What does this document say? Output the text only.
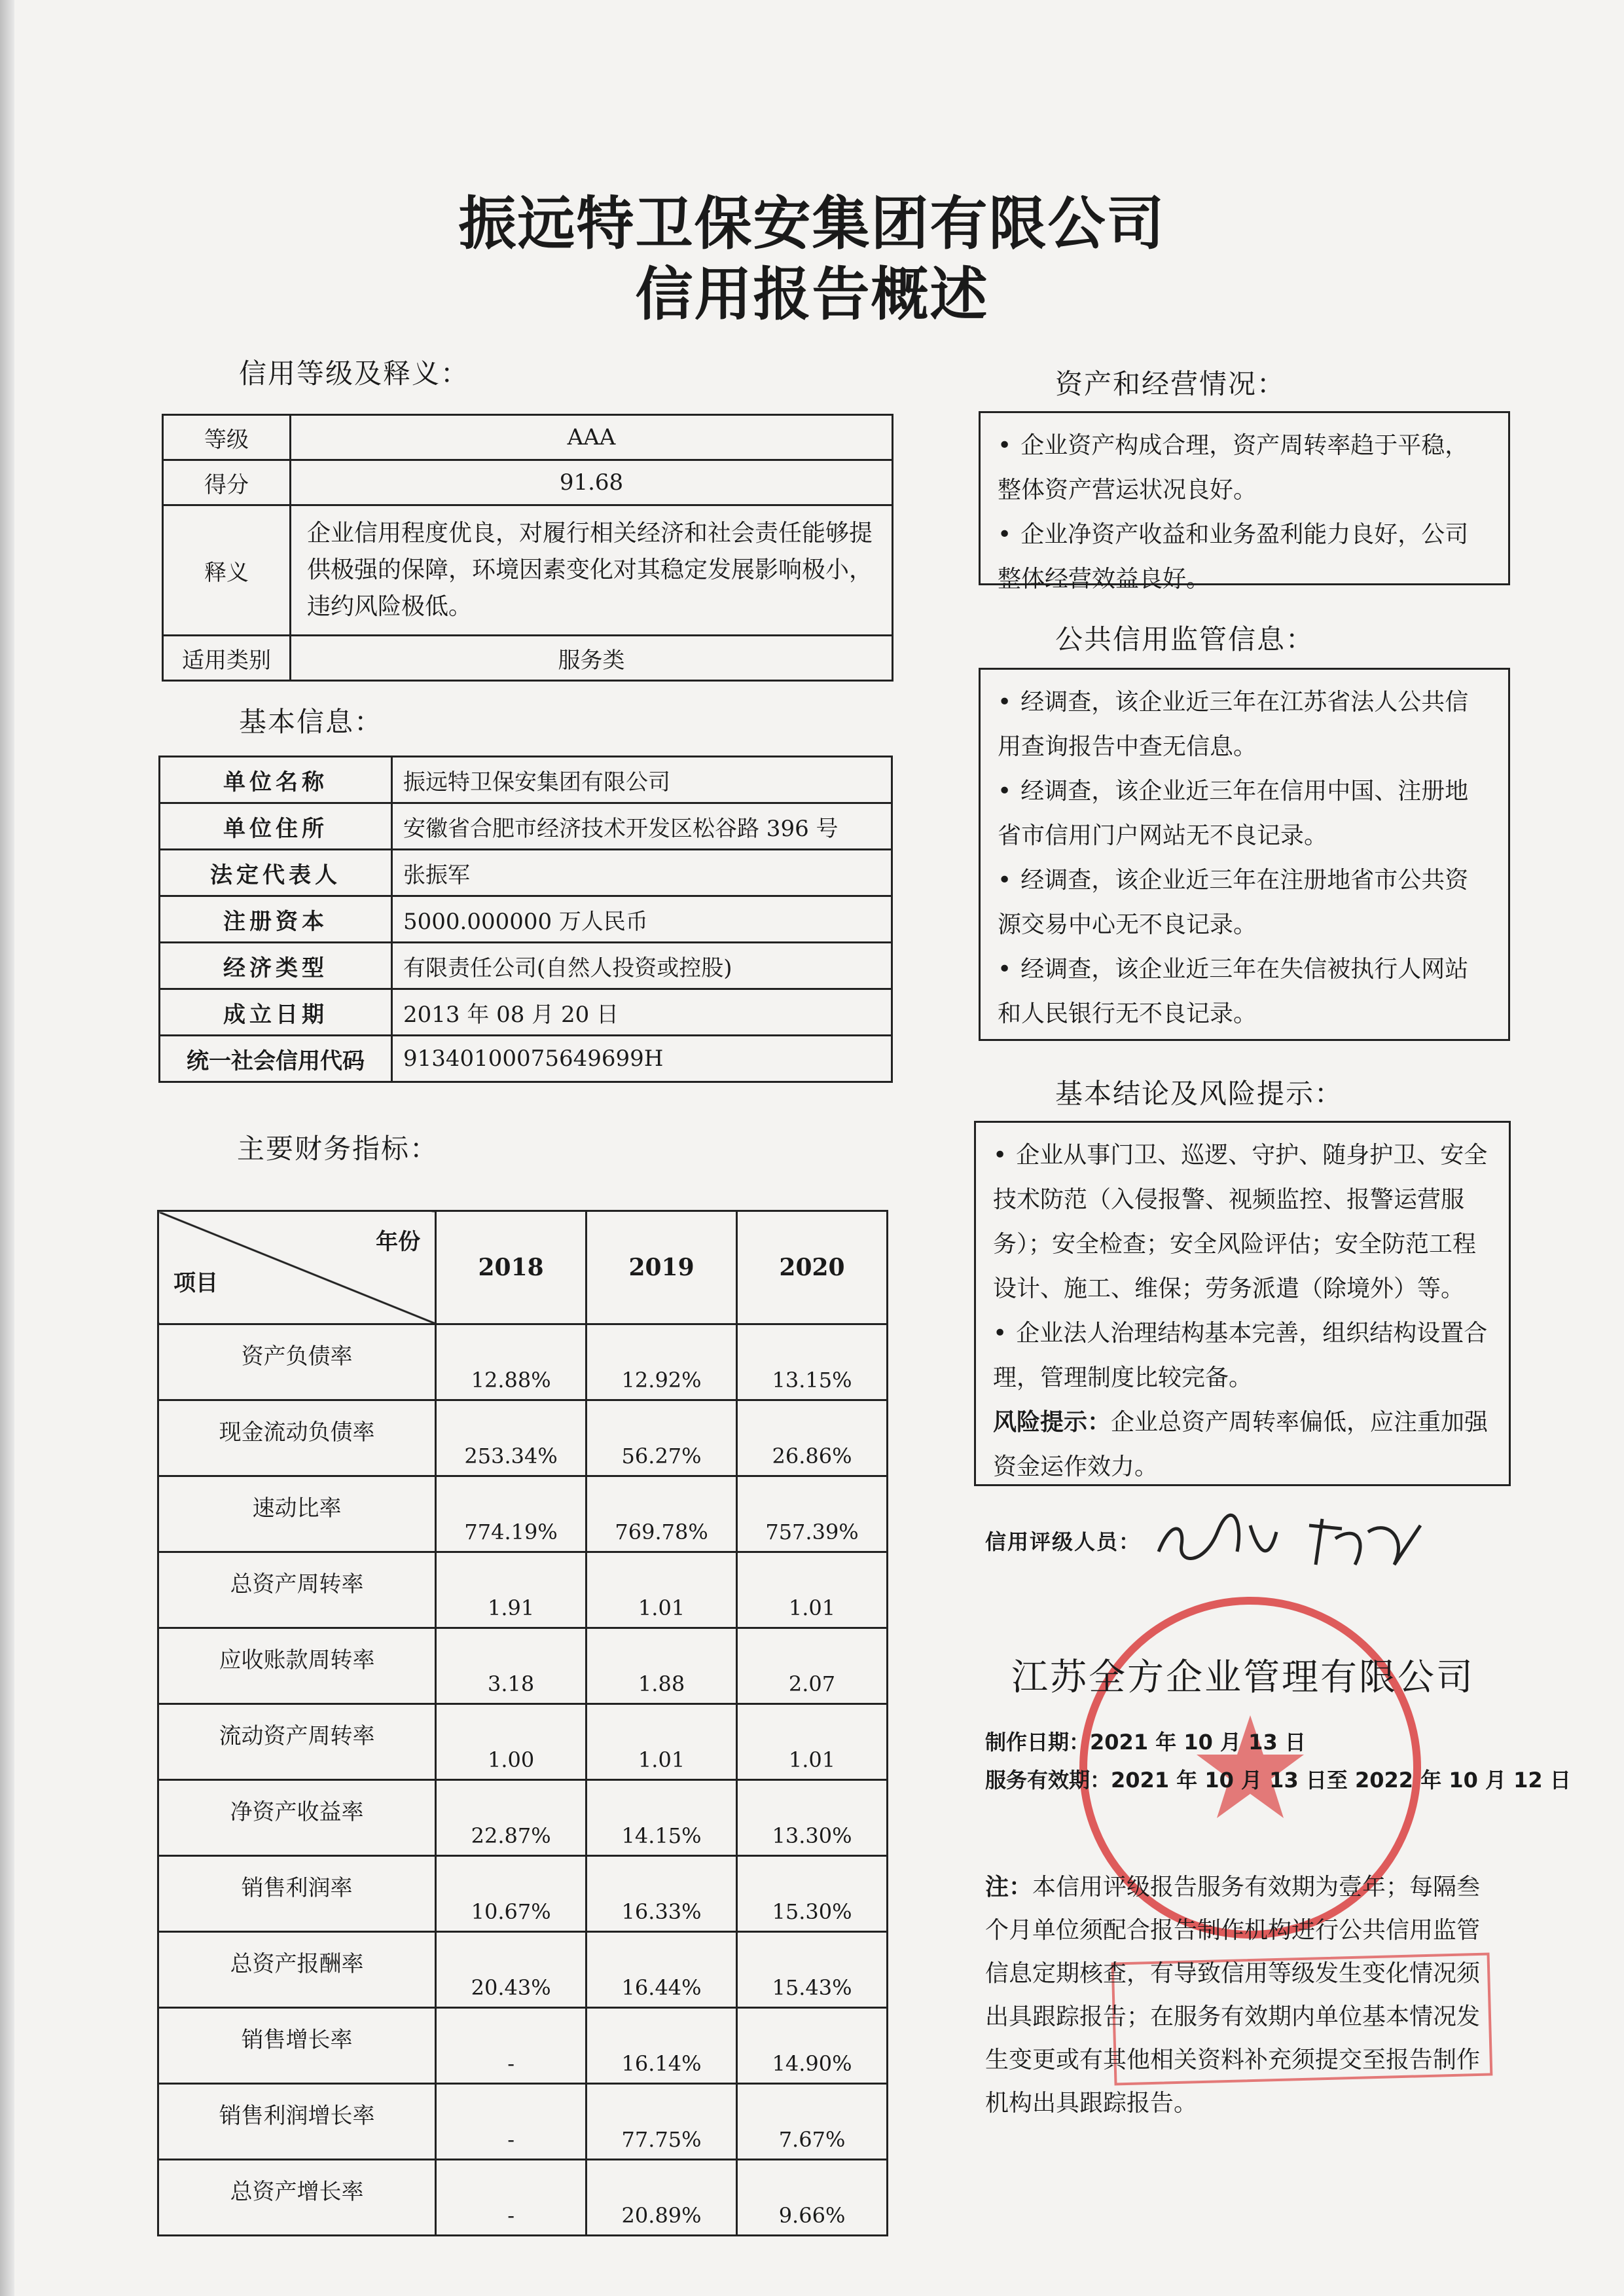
振远特卫保安集团有限公司
信用报告概述
信用等级及释义：
等级	AAA
得分	91.68
释义	企业信用程度优良，对履行相关经济和社会责任能够提供极强的保障，环境因素变化对其稳定发展影响极小，违约风险极低。
适用类别	服务类
基本信息：
单位名称	振远特卫保安集团有限公司
单位住所	安徽省合肥市经济技术开发区松谷路 396 号
法定代表人	张振军
注册资本	5000.000000 万人民币
经济类型	有限责任公司(自然人投资或控股)
成立日期	2013 年 08 月 20 日
统一社会信用代码	91340100075649699H
主要财务指标：
年份
项目	2018	2019	2020
资产负债率	12.88%	12.92%	13.15%
现金流动负债率	253.34%	56.27%	26.86%
速动比率	774.19%	769.78%	757.39%
总资产周转率	1.91	1.01	1.01
应收账款周转率	3.18	1.88	2.07
流动资产周转率	1.00	1.01	1.01
净资产收益率	22.87%	14.15%	13.30%
销售利润率	10.67%	16.33%	15.30%
总资产报酬率	20.43%	16.44%	15.43%
销售增长率	-	16.14%	14.90%
销售利润增长率	-	77.75%	7.67%
总资产增长率	-	20.89%	9.66%
资产和经营情况：

• 企业资产构成合理，资产周转率趋于平稳，整体资产营运状况良好。

• 企业净资产收益和业务盈利能力良好，公司整体经营效益良好。

公共信用监管信息：

• 经调查，该企业近三年在江苏省法人公共信用查询报告中查无信息。

• 经调查，该企业近三年在信用中国、注册地省市信用门户网站无不良记录。

• 经调查，该企业近三年在注册地省市公共资源交易中心无不良记录。

• 经调查，该企业近三年在失信被执行人网站和人民银行无不良记录。

基本结论及风险提示：

• 企业从事门卫、巡逻、守护、随身护卫、安全技术防范（入侵报警、视频监控、报警运营服务）；安全检查；安全风险评估；安全防范工程设计、施工、维保；劳务派遣（除境外）等。

• 企业法人治理结构基本完善，组织结构设置合理，管理制度比较完备。

风险提示：企业总资产周转率偏低，应注重加强资金运作效力。

信用评级人员：
江苏全方企业管理有限公司
制作日期：2021 年 10 月 13 日
服务有效期：2021 年 10 月 13 日至 2022 年 10 月 12 日
注：本信用评级报告服务有效期为壹年；每隔叁个月单位须配合报告制作机构进行公共信用监管信息定期核查，有导致信用等级发生变化情况须出具跟踪报告；在服务有效期内单位基本情况发生变更或有其他相关资料补充须提交至报告制作机构出具跟踪报告。
